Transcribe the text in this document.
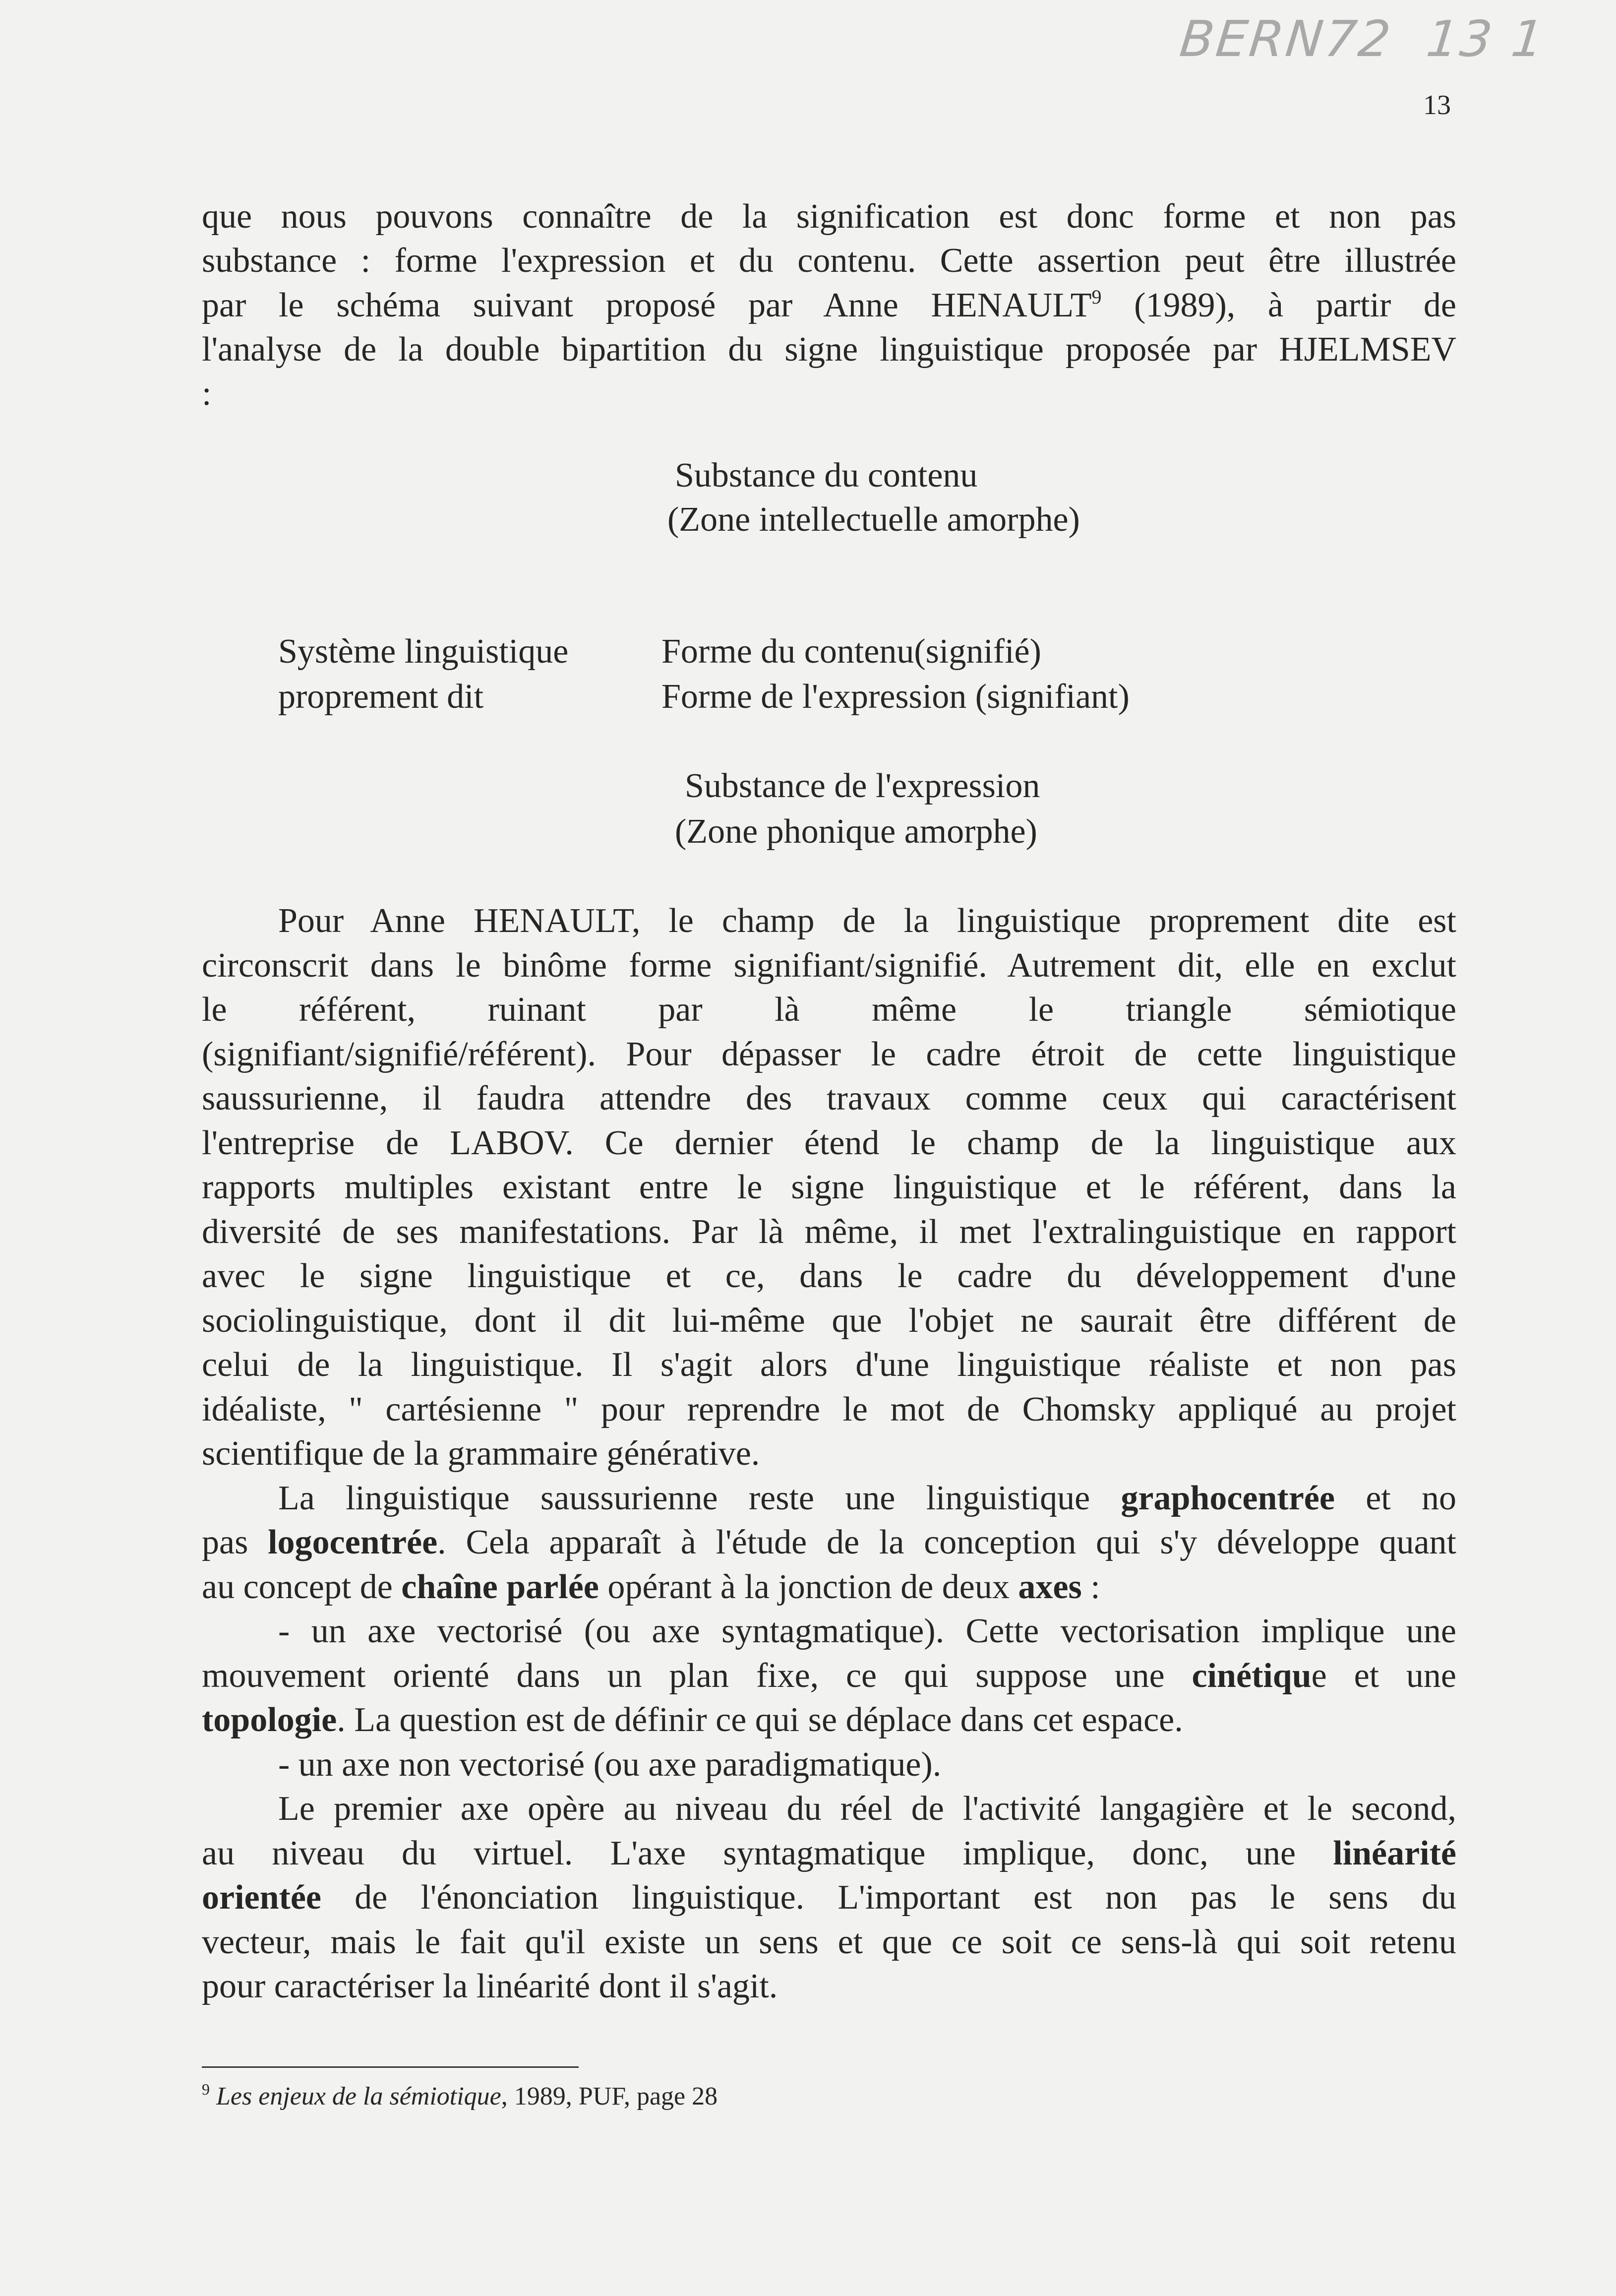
BERN72 13 1
13
que nous pouvons connaître de la signification est donc forme et non pas
substance : forme l'expression et du contenu. Cette assertion peut être illustrée
par le schéma suivant proposé par Anne HENAULT$^9$ (1989), à partir de
l'analyse de la double bipartition du signe linguistique proposée par HJELMSEV
:
Substance du contenu
(Zone intellectuelle amorphe)
Système linguistique
proprement dit
Forme du contenu(signifié)
Forme de l'expression (signifiant)
Substance de l'expression
(Zone phonique amorphe)
Pour Anne HENAULT, le champ de la linguistique proprement dite est
circonscrit dans le binôme forme signifiant/signifié. Autrement dit, elle en exclut
le référent, ruinant par là même le triangle sémiotique
(signifiant/signifié/référent). Pour dépasser le cadre étroit de cette linguistique
saussurienne, il faudra attendre des travaux comme ceux qui caractérisent
l'entreprise de LABOV. Ce dernier étend le champ de la linguistique aux
rapports multiples existant entre le signe linguistique et le référent, dans la
diversité de ses manifestations. Par là même, il met l'extralinguistique en rapport
avec le signe linguistique et ce, dans le cadre du développement d'une
sociolinguistique, dont il dit lui-même que l'objet ne saurait être différent de
celui de la linguistique. Il s'agit alors d'une linguistique réaliste et non pas
idéaliste, " cartésienne " pour reprendre le mot de Chomsky appliqué au projet
scientifique de la grammaire générative.
La linguistique saussurienne reste une linguistique graphocentrée et no
pas logocentrée. Cela apparaît à l'étude de la conception qui s'y développe quant
au concept de chaîne parlée opérant à la jonction de deux axes :
- un axe vectorisé (ou axe syntagmatique). Cette vectorisation implique une
mouvement orienté dans un plan fixe, ce qui suppose une cinétique et une
topologie. La question est de définir ce qui se déplace dans cet espace.
- un axe non vectorisé (ou axe paradigmatique).
Le premier axe opère au niveau du réel de l'activité langagière et le second,
au niveau du virtuel. L'axe syntagmatique implique, donc, une linéarité
orientée de l'énonciation linguistique. L'important est non pas le sens du
vecteur, mais le fait qu'il existe un sens et que ce soit ce sens-là qui soit retenu
pour caractériser la linéarité dont il s'agit.
$^9$ Les enjeux de la sémiotique, 1989, PUF, page 28
